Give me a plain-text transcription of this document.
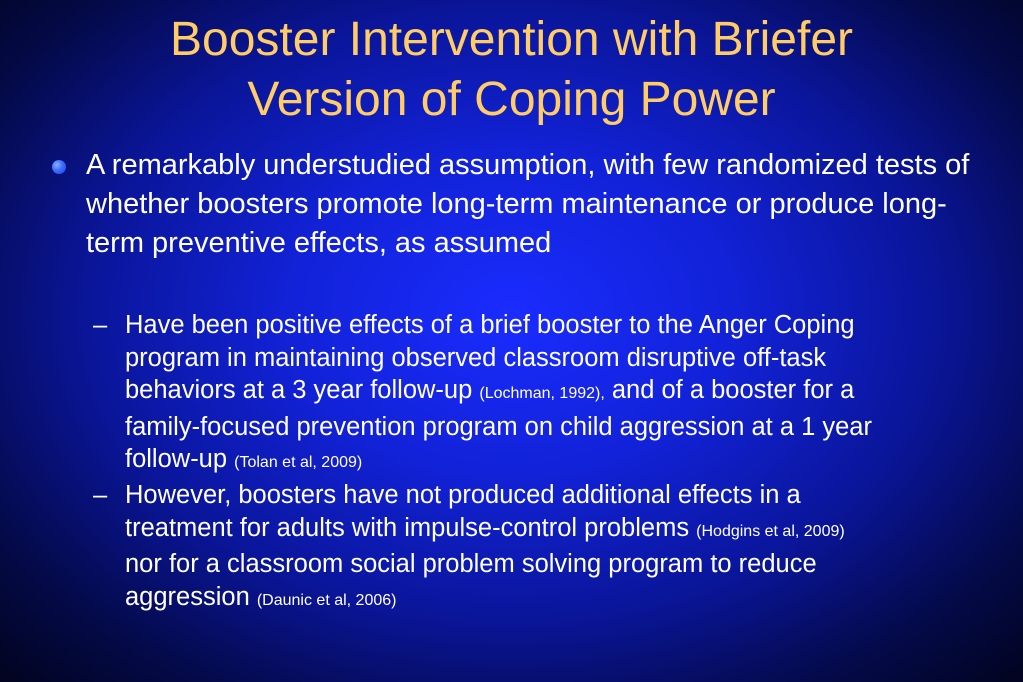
Booster Intervention with Briefer
Version of Coping Power
A remarkably understudied assumption, with few randomized tests of whether boosters promote long-term maintenance or produce long-term preventive effects, as assumed
– Have been positive effects of a brief booster to the Anger Coping
program in maintaining observed classroom disruptive off-task
behaviors at a 3 year follow-up (Lochman, 1992), and of a booster for a
family-focused prevention program on child aggression at a 1 year
follow-up (Tolan et al, 2009)
– However, boosters have not produced additional effects in a
treatment for adults with impulse-control problems (Hodgins et al, 2009)
nor for a classroom social problem solving program to reduce
aggression (Daunic et al, 2006)
